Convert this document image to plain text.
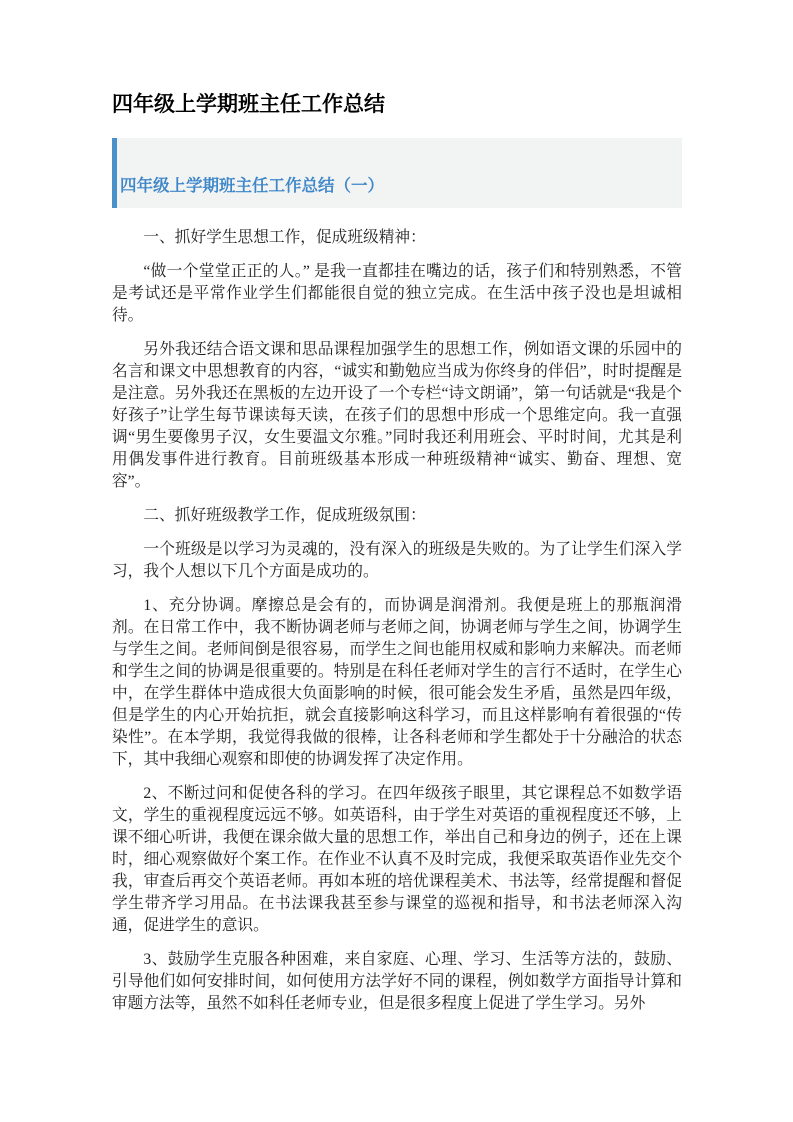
四年级上学期班主任工作总结
四年级上学期班主任工作总结（一）

一、抓好学生思想工作，促成班级精神：

“做一个堂堂正正的人。” 是我一直都挂在嘴边的话，孩子们和特别熟悉，不管是考试还是平常作业学生们都能很自觉的独立完成。在生活中孩子没也是坦诚相待。

另外我还结合语文课和思品课程加强学生的思想工作，例如语文课的乐园中的名言和课文中思想教育的内容，“诚实和勤勉应当成为你终身的伴侣”，时时提醒是是注意。另外我还在黑板的左边开设了一个专栏“诗文朗诵”，第一句话就是“我是个好孩子”让学生每节课读每天读，在孩子们的思想中形成一个思维定向。我一直强调“男生要像男子汉，女生要温文尔雅。”同时我还利用班会、平时时间，尤其是利用偶发事件进行教育。目前班级基本形成一种班级精神“诚实、勤奋、理想、宽容”。

二、抓好班级教学工作，促成班级氛围：

一个班级是以学习为灵魂的，没有深入的班级是失败的。为了让学生们深入学习，我个人想以下几个方面是成功的。

1、充分协调。摩擦总是会有的，而协调是润滑剂。我便是班上的那瓶润滑剂。在日常工作中，我不断协调老师与老师之间，协调老师与学生之间，协调学生与学生之间。老师间倒是很容易，而学生之间也能用权威和影响力来解决。而老师和学生之间的协调是很重要的。特别是在科任老师对学生的言行不适时，在学生心中，在学生群体中造成很大负面影响的时候，很可能会发生矛盾，虽然是四年级，但是学生的内心开始抗拒，就会直接影响这科学习，而且这样影响有着很强的“传染性”。在本学期，我觉得我做的很棒，让各科老师和学生都处于十分融洽的状态下，其中我细心观察和即使的协调发挥了决定作用。

2、不断过问和促使各科的学习。在四年级孩子眼里，其它课程总不如数学语文，学生的重视程度远远不够。如英语科，由于学生对英语的重视程度还不够，上课不细心听讲，我便在课余做大量的思想工作，举出自己和身边的例子，还在上课时，细心观察做好个案工作。在作业不认真不及时完成，我便采取英语作业先交个我，审查后再交个英语老师。再如本班的培优课程美术、书法等，经常提醒和督促学生带齐学习用品。在书法课我甚至参与课堂的巡视和指导，和书法老师深入沟通，促进学生的意识。

3、鼓励学生克服各种困难，来自家庭、心理、学习、生活等方法的，鼓励、引导他们如何安排时间，如何使用方法学好不同的课程，例如数学方面指导计算和审题方法等，虽然不如科任老师专业，但是很多程度上促进了学生学习。另外
